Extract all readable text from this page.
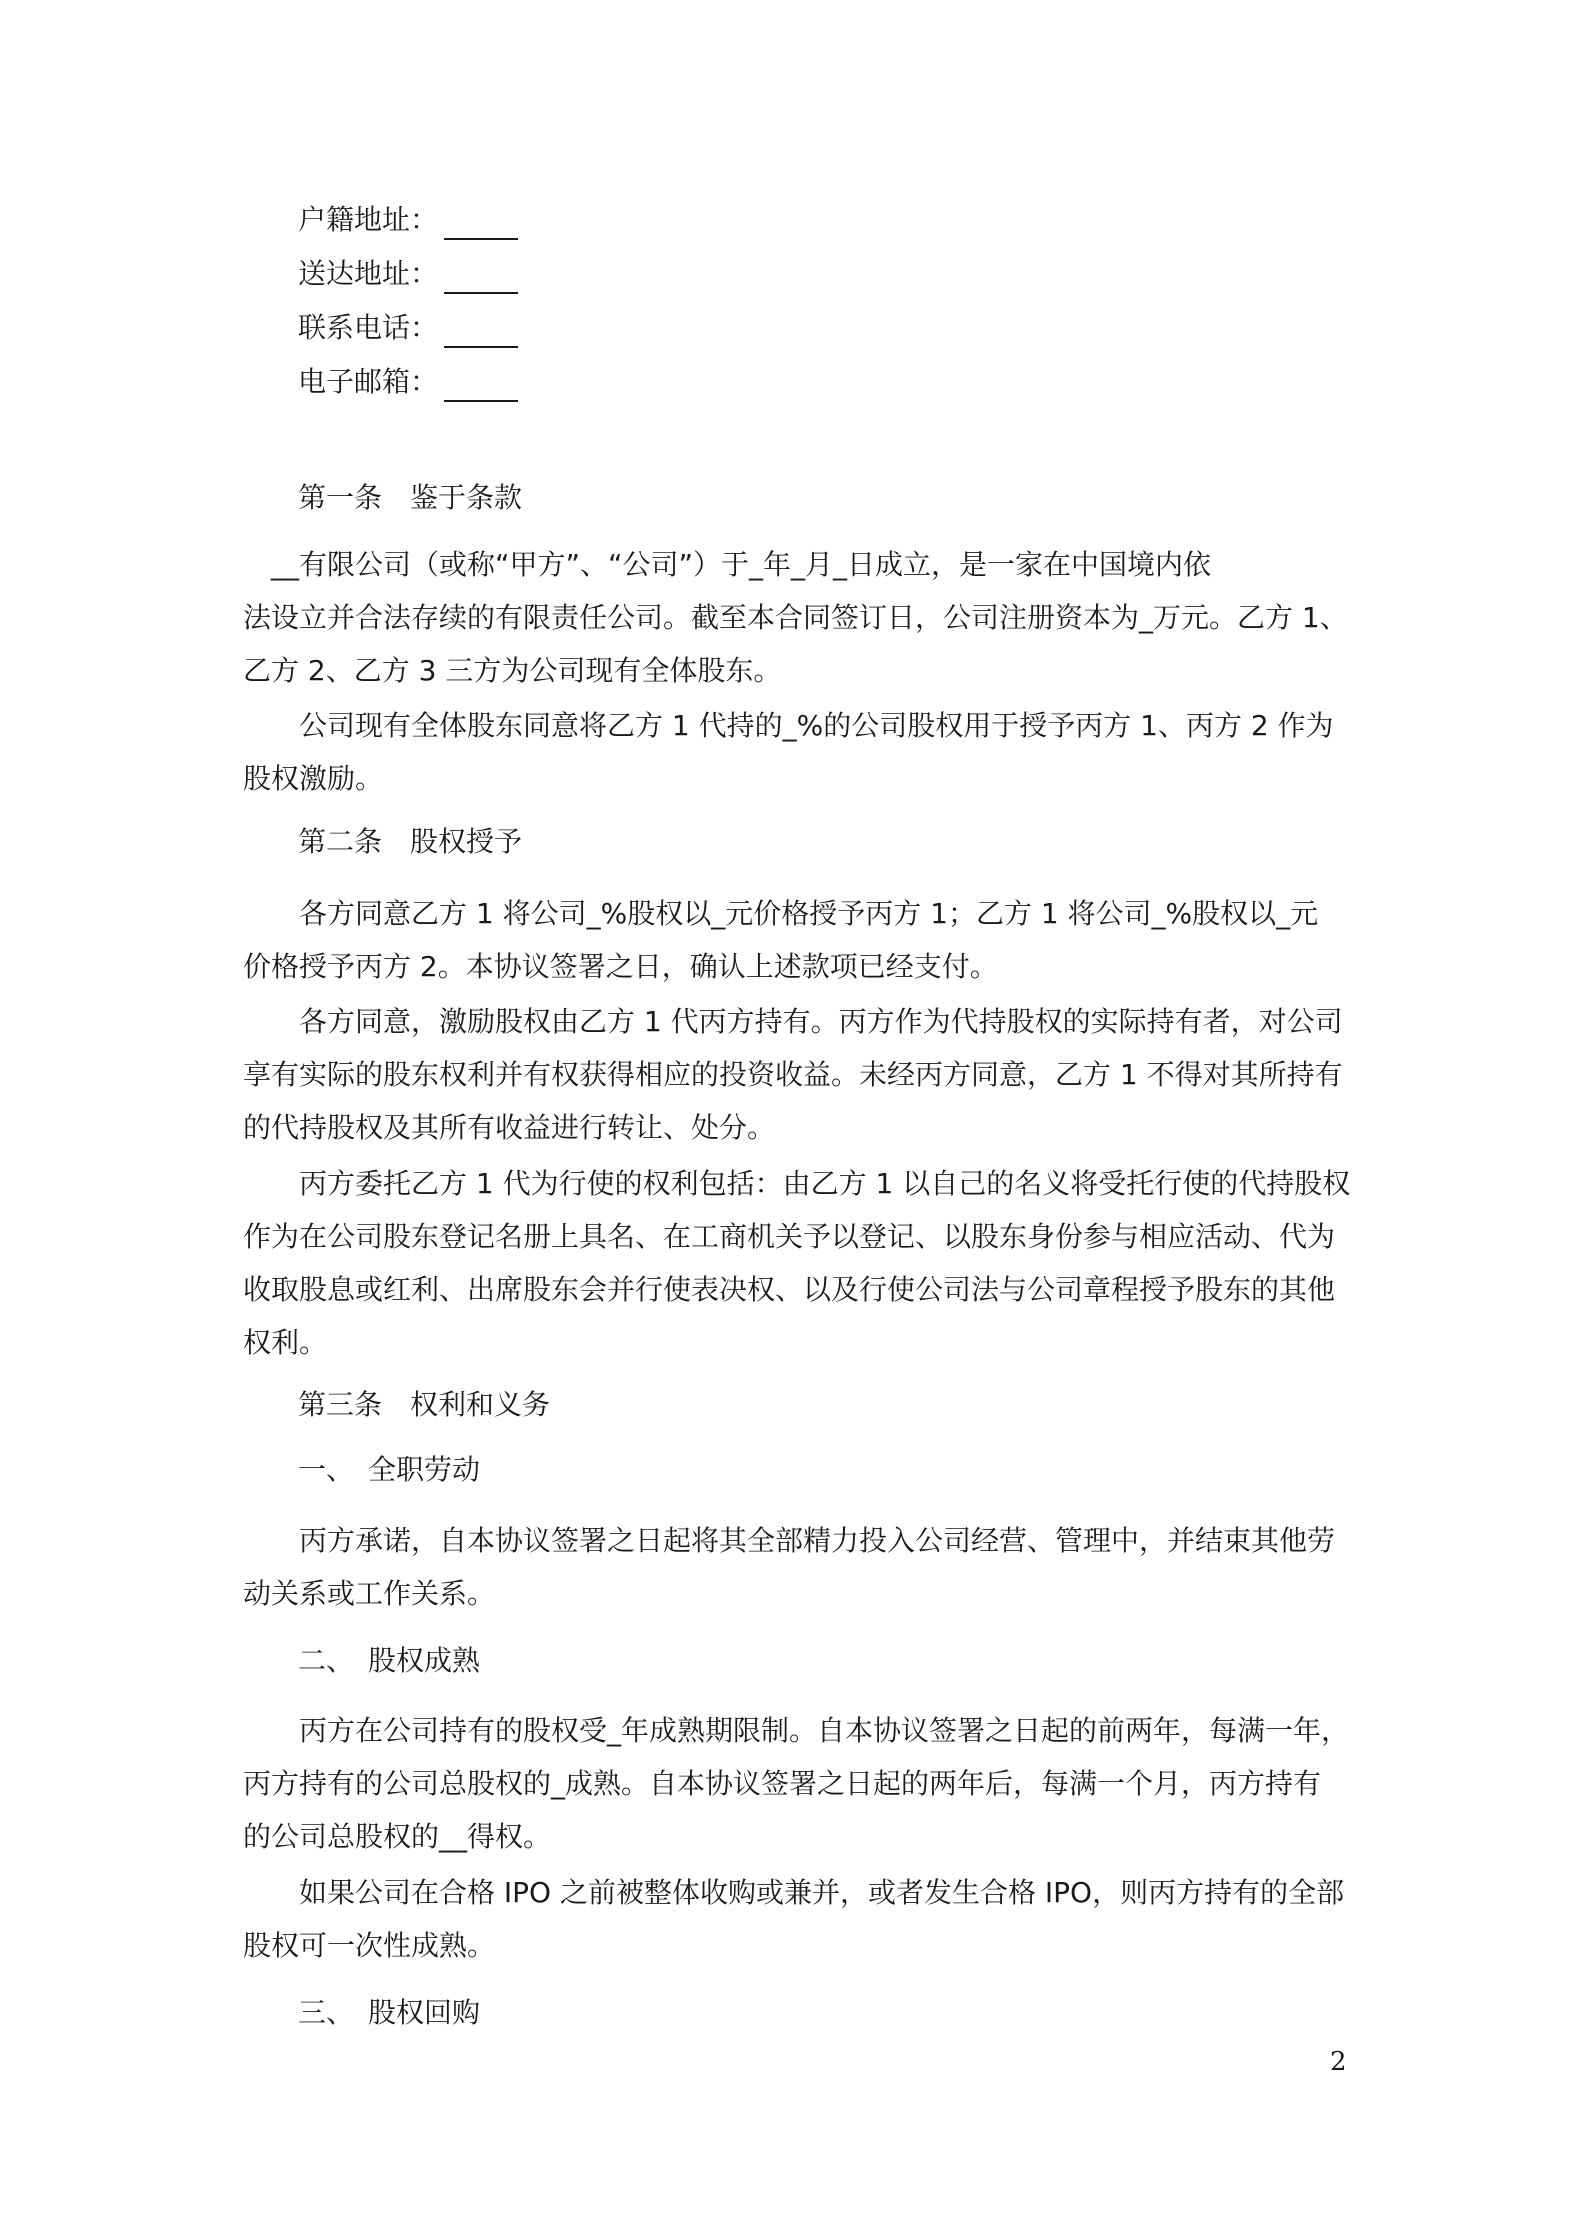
户籍地址：
送达地址：
联系电话：
电子邮箱：
第一条　鉴于条款
　__有限公司（或称“甲方”、“公司”）于_年_月_日成立，是一家在中国境内依
法设立并合法存续的有限责任公司。截至本合同签订日，公司注册资本为_万元。乙方 1、
乙方 2、乙方 3 三方为公司现有全体股东。
　　公司现有全体股东同意将乙方 1 代持的_%的公司股权用于授予丙方 1、丙方 2 作为
股权激励。
第二条　股权授予
　　各方同意乙方 1 将公司_%股权以_元价格授予丙方 1；乙方 1 将公司_%股权以_元
价格授予丙方 2。本协议签署之日，确认上述款项已经支付。
　　各方同意，激励股权由乙方 1 代丙方持有。丙方作为代持股权的实际持有者，对公司
享有实际的股东权利并有权获得相应的投资收益。未经丙方同意，乙方 1 不得对其所持有
的代持股权及其所有收益进行转让、处分。
　　丙方委托乙方 1 代为行使的权利包括：由乙方 1 以自己的名义将受托行使的代持股权
作为在公司股东登记名册上具名、在工商机关予以登记、以股东身份参与相应活动、代为
收取股息或红利、出席股东会并行使表决权、以及行使公司法与公司章程授予股东的其他
权利。
第三条　权利和义务
一、　全职劳动
　　丙方承诺，自本协议签署之日起将其全部精力投入公司经营、管理中，并结束其他劳
动关系或工作关系。
二、　股权成熟
　　丙方在公司持有的股权受_年成熟期限制。自本协议签署之日起的前两年，每满一年，
丙方持有的公司总股权的_成熟。自本协议签署之日起的两年后，每满一个月，丙方持有
的公司总股权的__得权。
　　如果公司在合格 IPO 之前被整体收购或兼并，或者发生合格 IPO，则丙方持有的全部
股权可一次性成熟。
三、　股权回购
2
